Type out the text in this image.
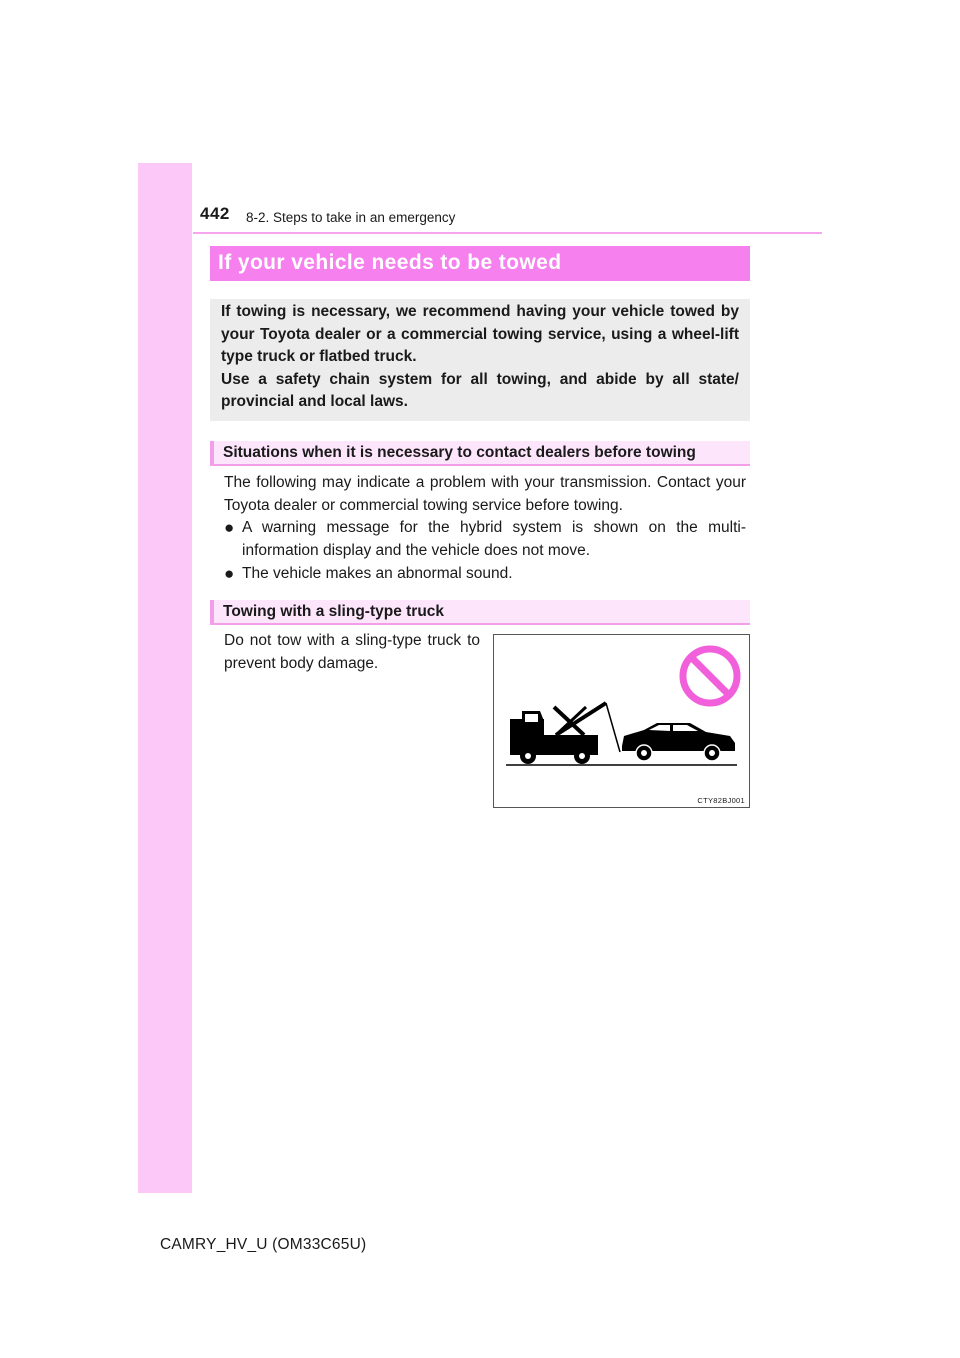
442 8-2. Steps to take in an emergency
If your vehicle needs to be towed

If towing is necessary, we recommend having your vehicle towed by your Toyota dealer or a commercial towing service, using a wheel-lift type truck or flatbed truck.

Use a safety chain system for all towing, and abide by all state/ provincial and local laws.

Situations when it is necessary to contact dealers before towing

The following may indicate a problem with your transmission. Contact your Toyota dealer or commercial towing service before towing.

● A warning message for the hybrid system is shown on the multi-information display and the vehicle does not move.
● The vehicle makes an abnormal sound.
Towing with a sling-type truck

Do not tow with a sling-type truck to prevent body damage.

CTY82BJ001
CAMRY_HV_U (OM33C65U)
